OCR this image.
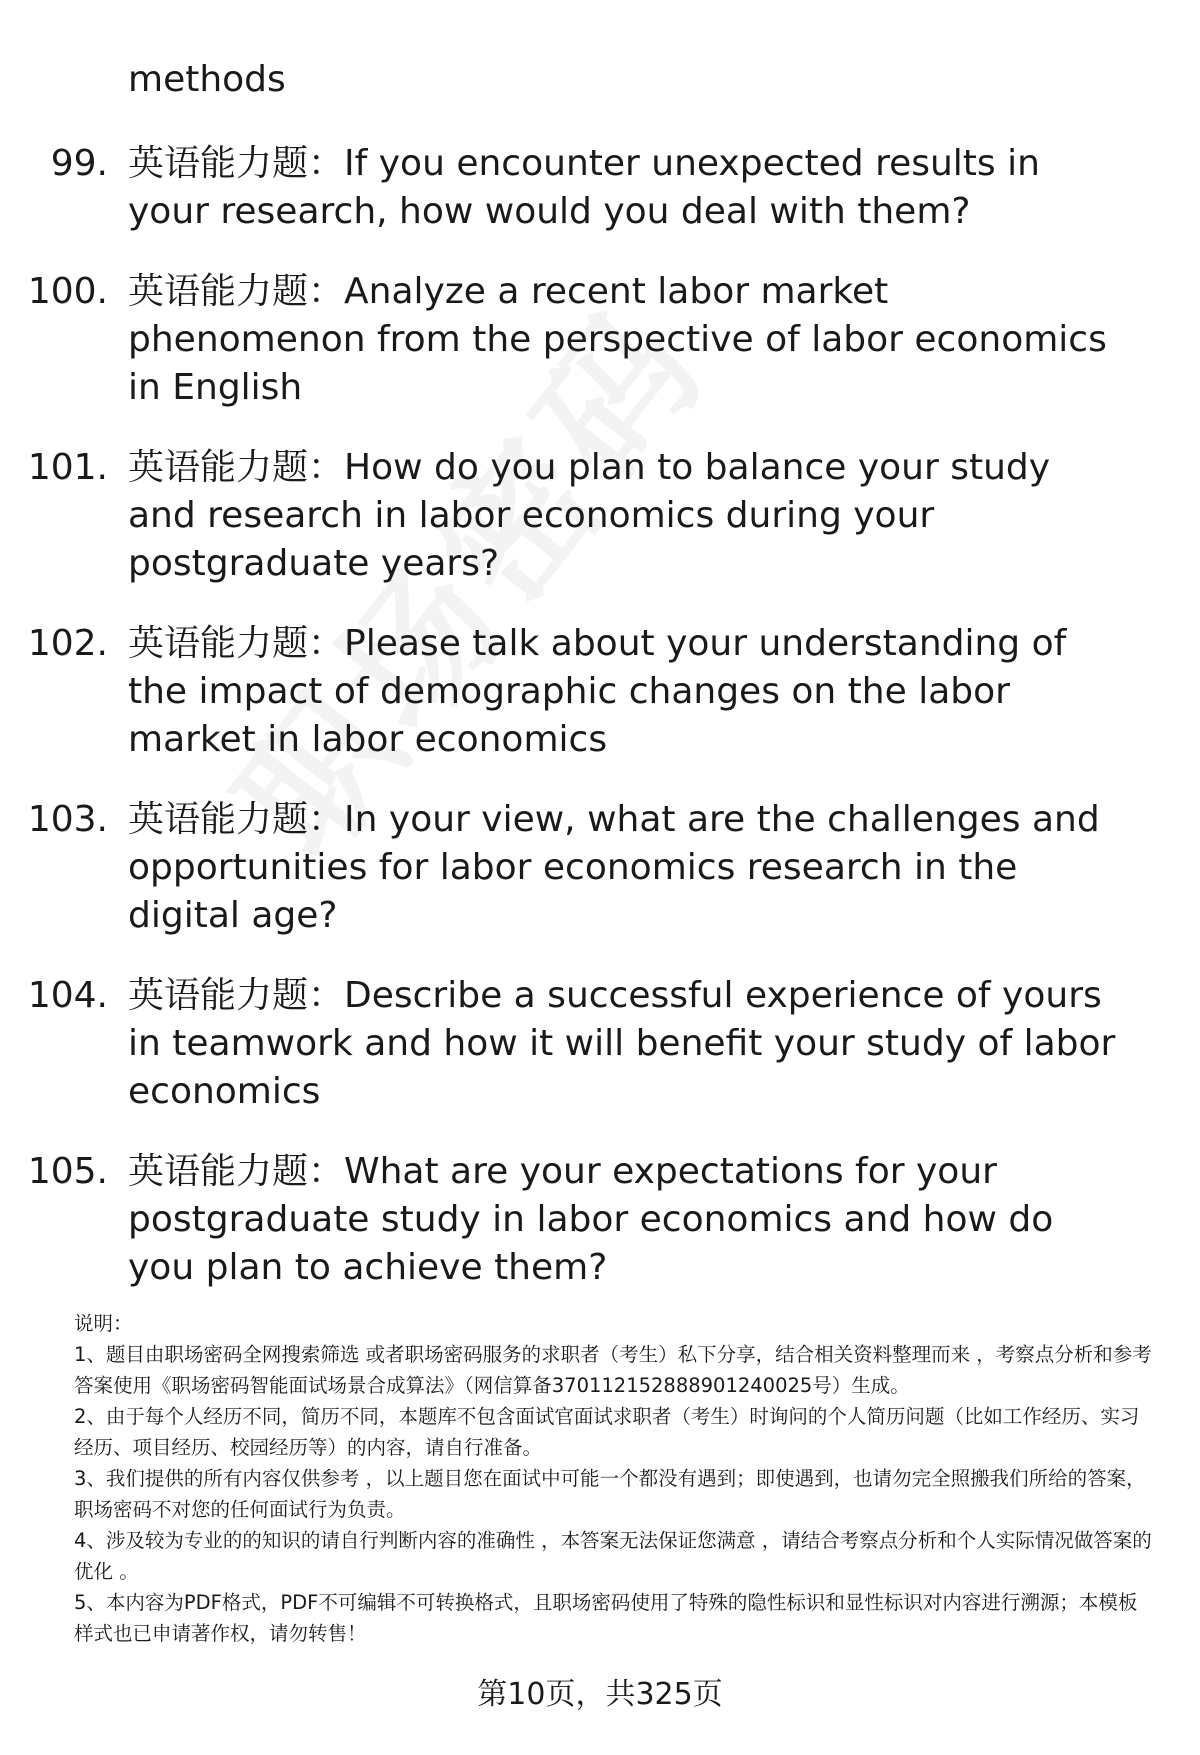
methods
99. 英语能力题：If you encounter unexpected results in your research, how would you deal with them?
100. 英语能力题：Analyze a recent labor market phenomenon from the perspective of labor economics in English
101. 英语能力题：How do you plan to balance your study and research in labor economics during your postgraduate years?
102. 英语能力题：Please talk about your understanding of the impact of demographic changes on the labor market in labor economics
103. 英语能力题：In your view, what are the challenges and opportunities for labor economics research in the digital age?
104. 英语能力题：Describe a successful experience of yours in teamwork and how it will benefit your study of labor economics
105. 英语能力题：What are your expectations for your postgraduate study in labor economics and how do you plan to achieve them?

说明：

1、题目由职场密码全网搜索筛选 或者职场密码服务的求职者（考生）私下分享，结合相关资料整理而来 ，考察点分析和参考答案使用《职场密码智能面试场景合成算法》（网信算备370112152888901240025号）生成。

2、由于每个人经历不同，简历不同，本题库不包含面试官面试求职者（考生）时询问的个人简历问题（比如工作经历、实习经历、项目经历、校园经历等）的内容，请自行准备。

3、我们提供的所有内容仅供参考 ，以上题目您在面试中可能一个都没有遇到；即使遇到，也请勿完全照搬我们所给的答案，职场密码不对您的任何面试行为负责。

4、涉及较为专业的的知识的请自行判断内容的准确性 ，本答案无法保证您满意 ，请结合考察点分析和个人实际情况做答案的优化 。

5、本内容为PDF格式，PDF不可编辑不可转换格式，且职场密码使用了特殊的隐性标识和显性标识对内容进行溯源；本模板样式也已申请著作权，请勿转售！

第10页，共325页
